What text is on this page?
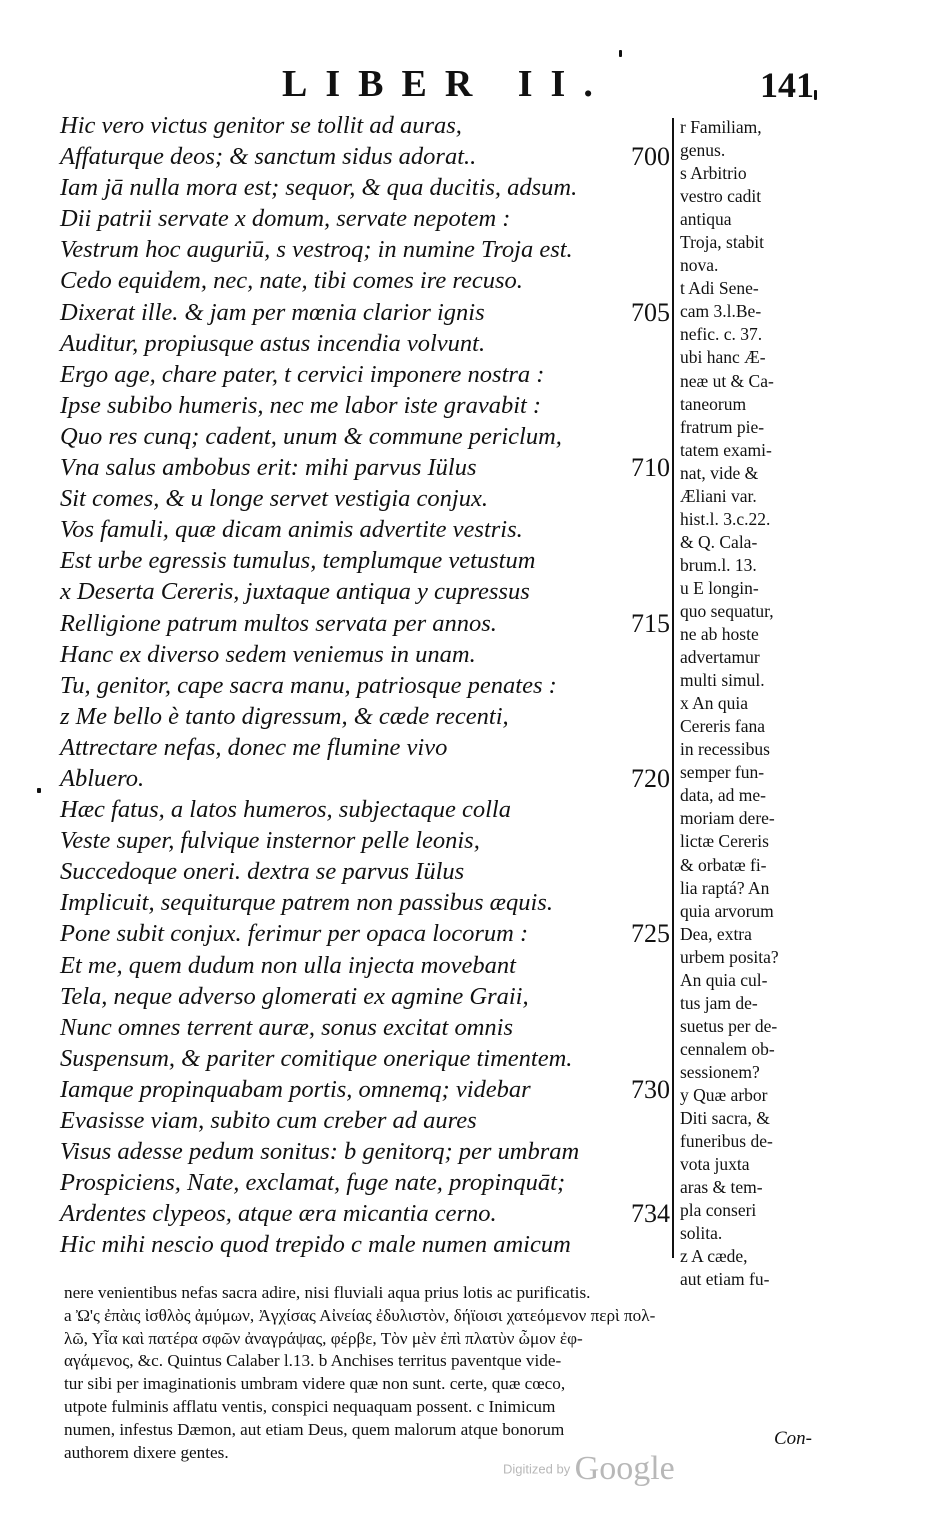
LIBER II.	141
Hic vero victus genitor se tollit ad auras,
Affaturque deos; & sanctum sidus adorat..	700
Iam jā nulla mora est; sequor, & qua ducitis, adsum.
Dii patrii servate x domum, servate nepotem :
Vestrum hoc auguriū, s vestroq; in numine Troja est.
Cedo equidem, nec, nate, tibi comes ire recuso.
Dixerat ille. & jam per mœnia clarior ignis	705
Auditur, propiusque astus incendia volvunt.
Ergo age, chare pater, t cervici imponere nostra :
Ipse subibo humeris, nec me labor iste gravabit :
Quo res cunq; cadent, unum & commune periclum,
Vna salus ambobus erit: mihi parvus Iülus	710
Sit comes, & u longe servet vestigia conjux.
Vos famuli, quæ dicam animis advertite vestris.
Est urbe egressis tumulus, templumque vetustum
x Deserta Cereris, juxtaque antiqua y cupressus
Relligione patrum multos servata per annos.	715
Hanc ex diverso sedem veniemus in unam.
Tu, genitor, cape sacra manu, patriosque penates :
z Me bello è tanto digressum, & cæde recenti,
Attrectare nefas, donec me flumine vivo
Abluero.	720
Hæc fatus, a latos humeros, subjectaque colla
Veste super, fulvique insternor pelle leonis,
Succedoque oneri. dextra se parvus Iülus
Implicuit, sequiturque patrem non passibus æquis.
Pone subit conjux. ferimur per opaca locorum :	725
Et me, quem dudum non ulla injecta movebant
Tela, neque adverso glomerati ex agmine Graii,
Nunc omnes terrent auræ, sonus excitat omnis
Suspensum, & pariter comitique onerique timentem.
Iamque propinquabam portis, omnemq; videbar	730
Evasisse viam, subito cum creber ad aures
Visus adesse pedum sonitus: b genitorq; per umbram
Prospiciens, Nate, exclamat, fuge nate, propinquāt;
Ardentes clypeos, atque æra micantia cerno.	734
Hic mihi nescio quod trepido c male numen amicum
r Familiam,
genus.
s Arbitrio
vestro cadit
antiqua
Troja, stabit
nova.
t Adi Sene-
cam 3.l.Be-
nefic. c. 37.
ubi hanc Æ-
neæ ut & Ca-
taneorum
fratrum pie-
tatem exami-
nat, vide &
Æliani var.
hist.l. 3.c.22.
& Q. Cala-
brum.l. 13.
u E longin-
quo sequatur,
ne ab hoste
advertamur
multi simul.
x An quia
Cereris fana
in recessibus
semper fun-
data, ad me-
moriam dere-
lictæ Cereris
& orbatæ fi-
lia raptá? An
quia arvorum
Dea, extra
urbem posita?
An quia cul-
tus jam de-
suetus per de-
cennalem ob-
sessionem?
y Quæ arbor
Diti sacra, &
funeribus de-
vota juxta
aras & tem-
pla conseri
solita.
z A cæde,
aut etiam fu-
nere venientibus nefas sacra adire, nisi fluviali aqua prius lotis ac purificatis.
a Ὠ'ς ἐπὰις ἰσθλὸς ἀμύμων, Ἀγχίσας Αἰνείας ἐδυλιστὸν, δήϊοισι χατεόμενον περὶ πολ-
λῶ, Υἷα καὶ πατέρα σφῶν ἀναγράψας, φέρβε, Τὸν μὲν ἐπὶ πλατὺν ὦμον ἐφ-
αγάμενος, &c. Quintus Calaber l.13. b Anchises territus paventque vide-
tur sibi per imaginationis umbram videre quæ non sunt. certe, quæ cœco,
utpote fulminis afflatu ventis, conspici nequaquam possent. c Inimicum
numen, infestus Dæmon, aut etiam Deus, quem malorum atque bonorum
authorem dixere gentes.
Con-
Digitized by Google
